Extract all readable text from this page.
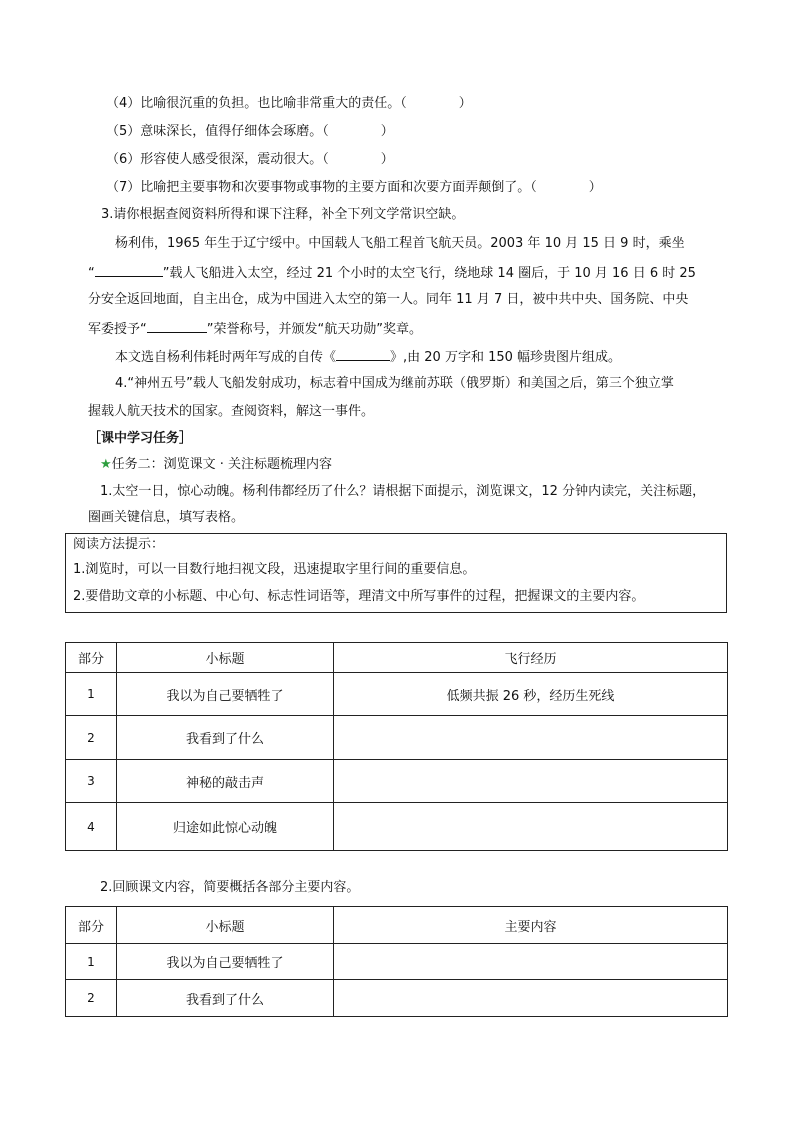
（4）比喻很沉重的负担。也比喻非常重大的责任。（　　　　）
（5）意味深长，值得仔细体会琢磨。（　　　　）
（6）形容使人感受很深，震动很大。（　　　　）
（7）比喻把主要事物和次要事物或事物的主要方面和次要方面弄颠倒了。（　　　　）
3.请你根据查阅资料所得和课下注释，补全下列文学常识空缺。
杨利伟，1965 年生于辽宁绥中。中国载人飞船工程首飞航天员。2003 年 10 月 15 日 9 时，乘坐
“	”载人飞船进入太空，经过 21 个小时的太空飞行，绕地球 14 圈后，于 10 月 16 日 6 时 25
分安全返回地面，自主出仓，成为中国进入太空的第一人。同年 11 月 7 日，被中共中央、国务院、中央
军委授予“	”荣誉称号，并颁发“航天功勋”奖章。
本文选自杨利伟耗时两年写成的自传《	》,由 20 万字和 150 幅珍贵图片组成。
4.“神州五号”载人飞船发射成功，标志着中国成为继前苏联（俄罗斯）和美国之后，第三个独立掌
握载人航天技术的国家。查阅资料，解这一事件。
［课中学习任务］
★任务二：浏览课文 · 关注标题梳理内容
1.太空一日，惊心动魄。杨利伟都经历了什么？请根据下面提示，浏览课文，12 分钟内读完，关注标题，
圈画关键信息，填写表格。
阅读方法提示：
1.浏览时，可以一目数行地扫视文段，迅速提取字里行间的重要信息。
2.要借助文章的小标题、中心句、标志性词语等，理清文中所写事件的过程，把握课文的主要内容。
部分	小标题	飞行经历
1	我以为自己要牺牲了	低频共振 26 秒，经历生死线
2	我看到了什么	
3	神秘的敲击声	
4	归途如此惊心动魄	
2.回顾课文内容，简要概括各部分主要内容。
部分	小标题	主要内容
1	我以为自己要牺牲了	
2	我看到了什么	
